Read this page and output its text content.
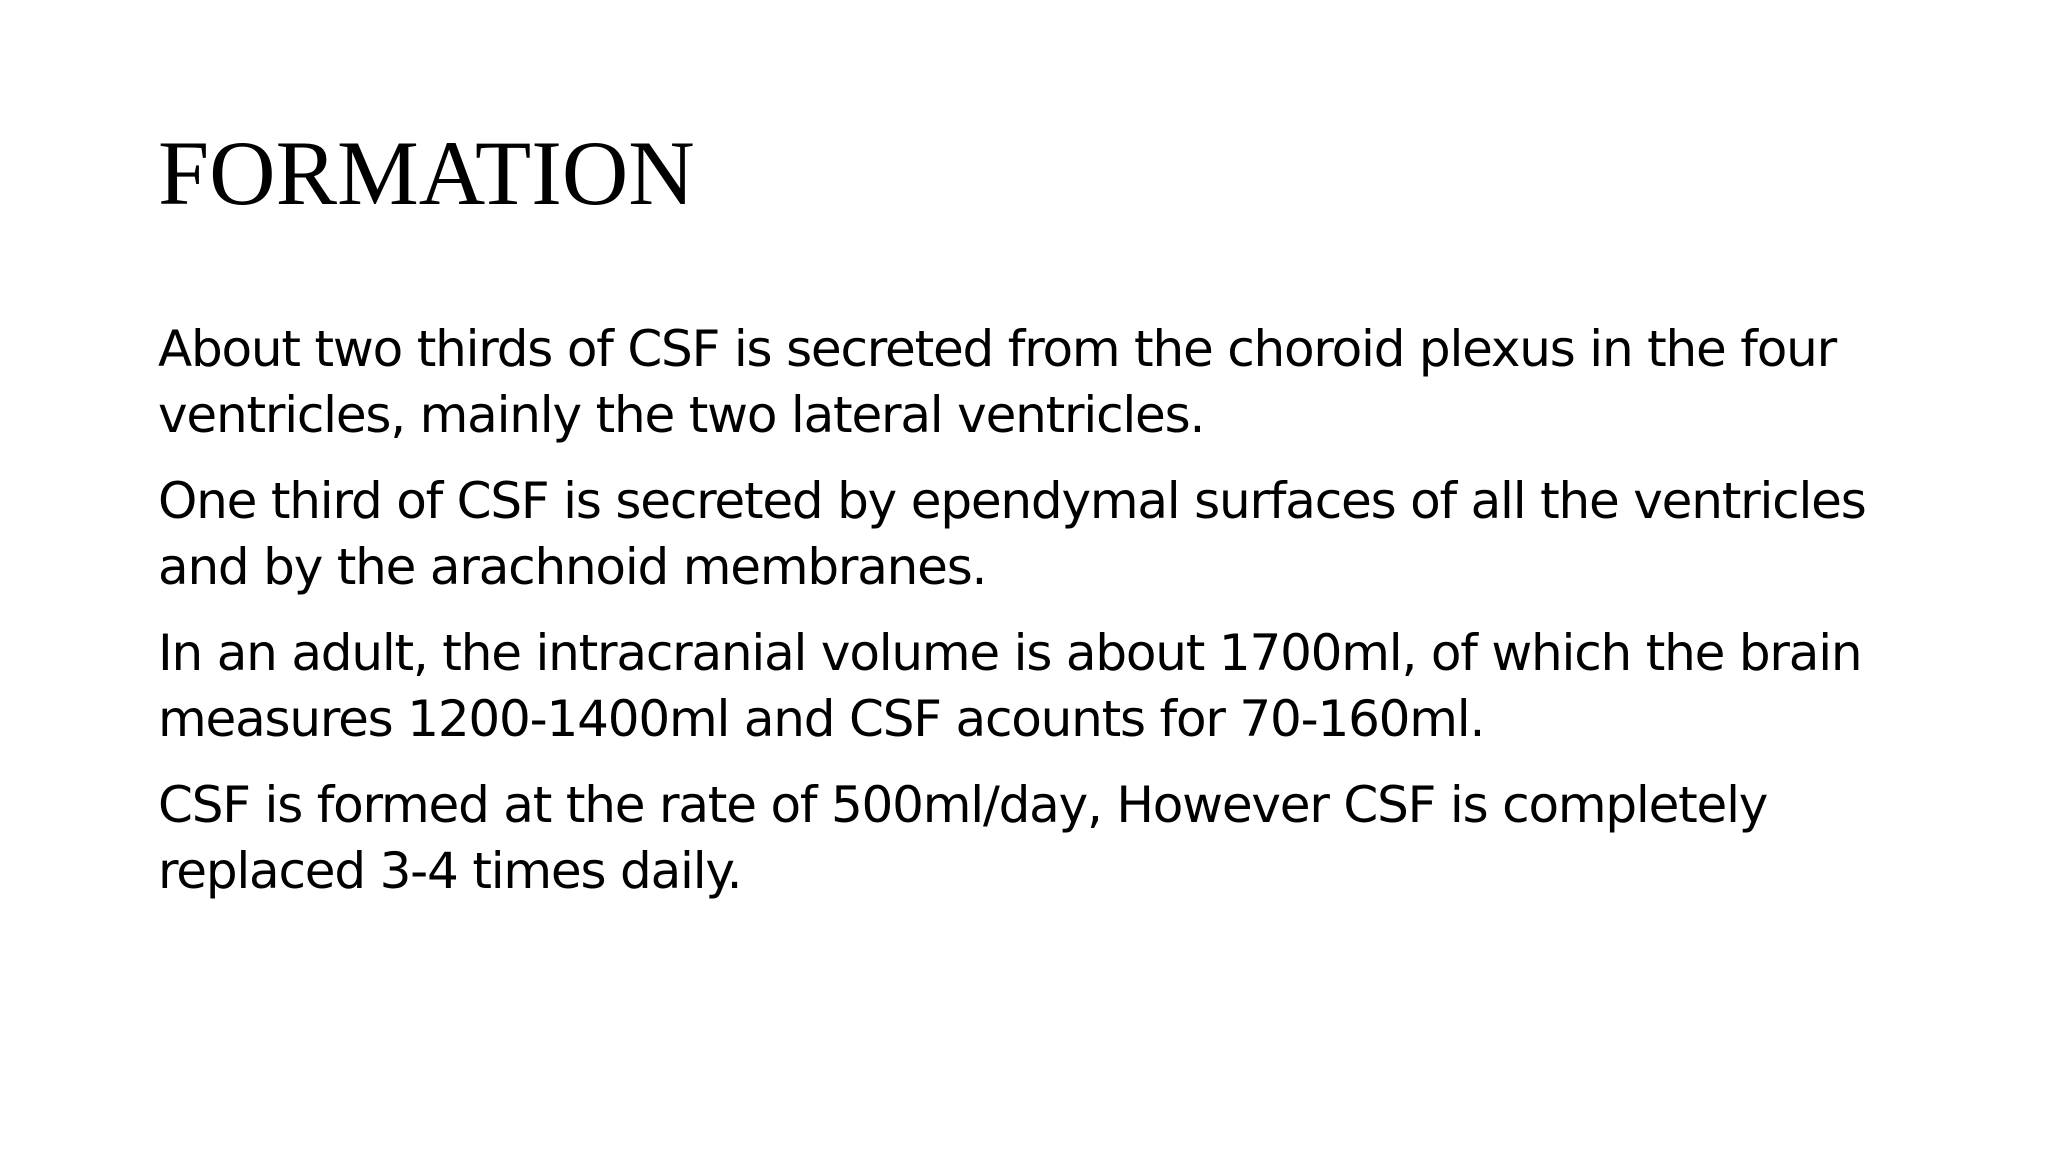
FORMATION

About two thirds of CSF is secreted from the choroid plexus in the four ventricles, mainly the two lateral ventricles.

One third of CSF is secreted by ependymal surfaces of all the ventricles and by the arachnoid membranes.

In an adult, the intracranial volume is about 1700ml, of which the brain measures 1200-1400ml and CSF acounts for 70-160ml.

CSF is formed at the rate of 500ml/day, However CSF is completely replaced 3-4 times daily.
